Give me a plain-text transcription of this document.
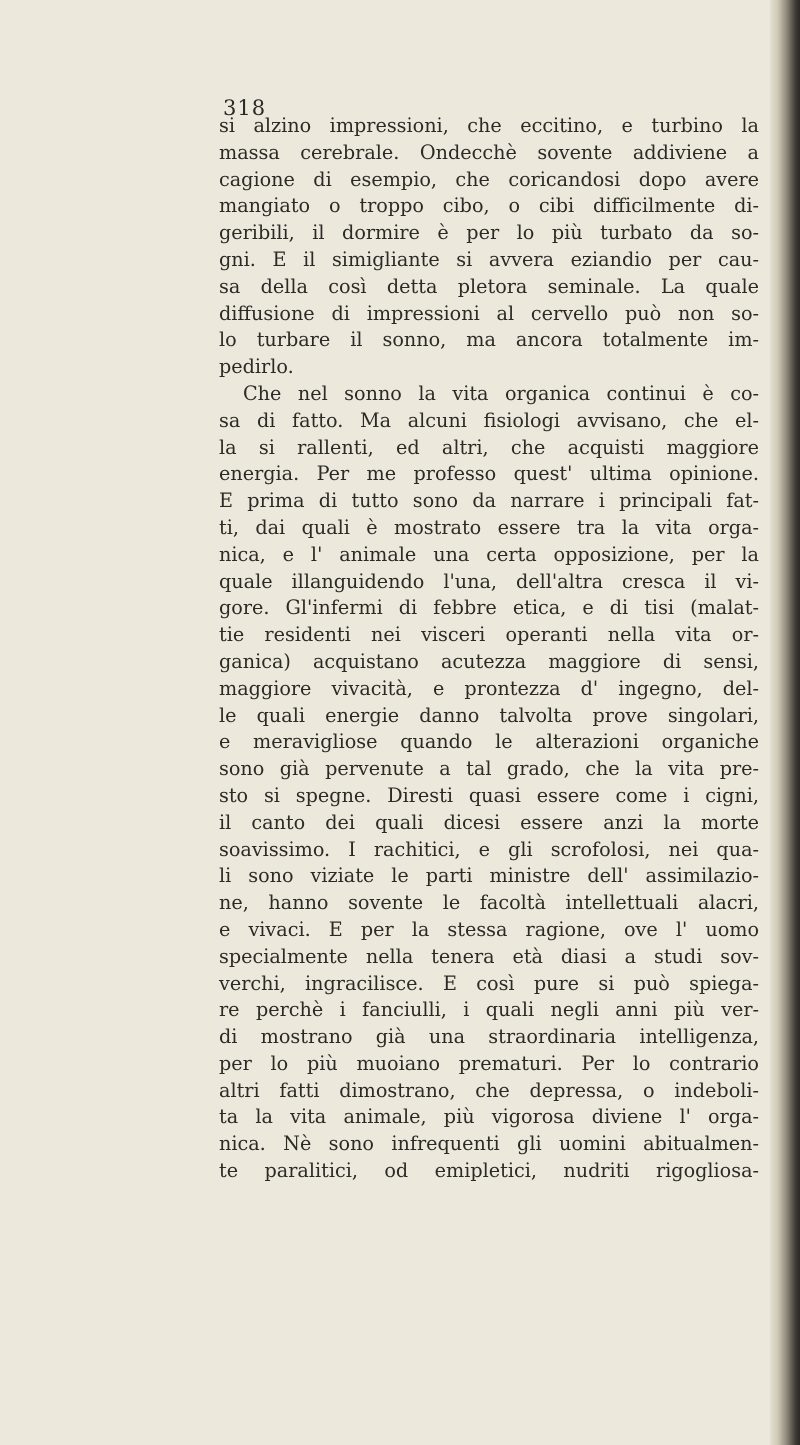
318
si alzino impressioni, che eccitino, e turbino la
massa cerebrale. Ondecchè sovente addiviene a
cagione di esempio, che coricandosi dopo avere
mangiato o troppo cibo, o cibi difficilmente di-
geribili, il dormire è per lo più turbato da so-
gni. E il simigliante si avvera eziandio per cau-
sa della così detta pletora seminale. La quale
diffusione di impressioni al cervello può non so-
lo turbare il sonno, ma ancora totalmente im-
pedirlo.
Che nel sonno la vita organica continui è co-
sa di fatto. Ma alcuni fisiologi avvisano, che el-
la si rallenti, ed altri, che acquisti maggiore
energia. Per me professo quest' ultima opinione.
E prima di tutto sono da narrare i principali fat-
ti, dai quali è mostrato essere tra la vita orga-
nica, e l' animale una certa opposizione, per la
quale illanguidendo l'una, dell'altra cresca il vi-
gore. Gl'infermi di febbre etica, e di tisi (malat-
tie residenti nei visceri operanti nella vita or-
ganica) acquistano acutezza maggiore di sensi,
maggiore vivacità, e prontezza d' ingegno, del-
le quali energie danno talvolta prove singolari,
e meravigliose quando le alterazioni organiche
sono già pervenute a tal grado, che la vita pre-
sto si spegne. Diresti quasi essere come i cigni,
il canto dei quali dicesi essere anzi la morte
soavissimo. I rachitici, e gli scrofolosi, nei qua-
li sono viziate le parti ministre dell' assimilazio-
ne, hanno sovente le facoltà intellettuali alacri,
e vivaci. E per la stessa ragione, ove l' uomo
specialmente nella tenera età diasi a studi sov-
verchi, ingracilisce. E così pure si può spiega-
re perchè i fanciulli, i quali negli anni più ver-
di mostrano già una straordinaria intelligenza,
per lo più muoiano prematuri. Per lo contrario
altri fatti dimostrano, che depressa, o indeboli-
ta la vita animale, più vigorosa diviene l' orga-
nica. Nè sono infrequenti gli uomini abitualmen-
te paralitici, od emipletici, nudriti rigogliosa-
